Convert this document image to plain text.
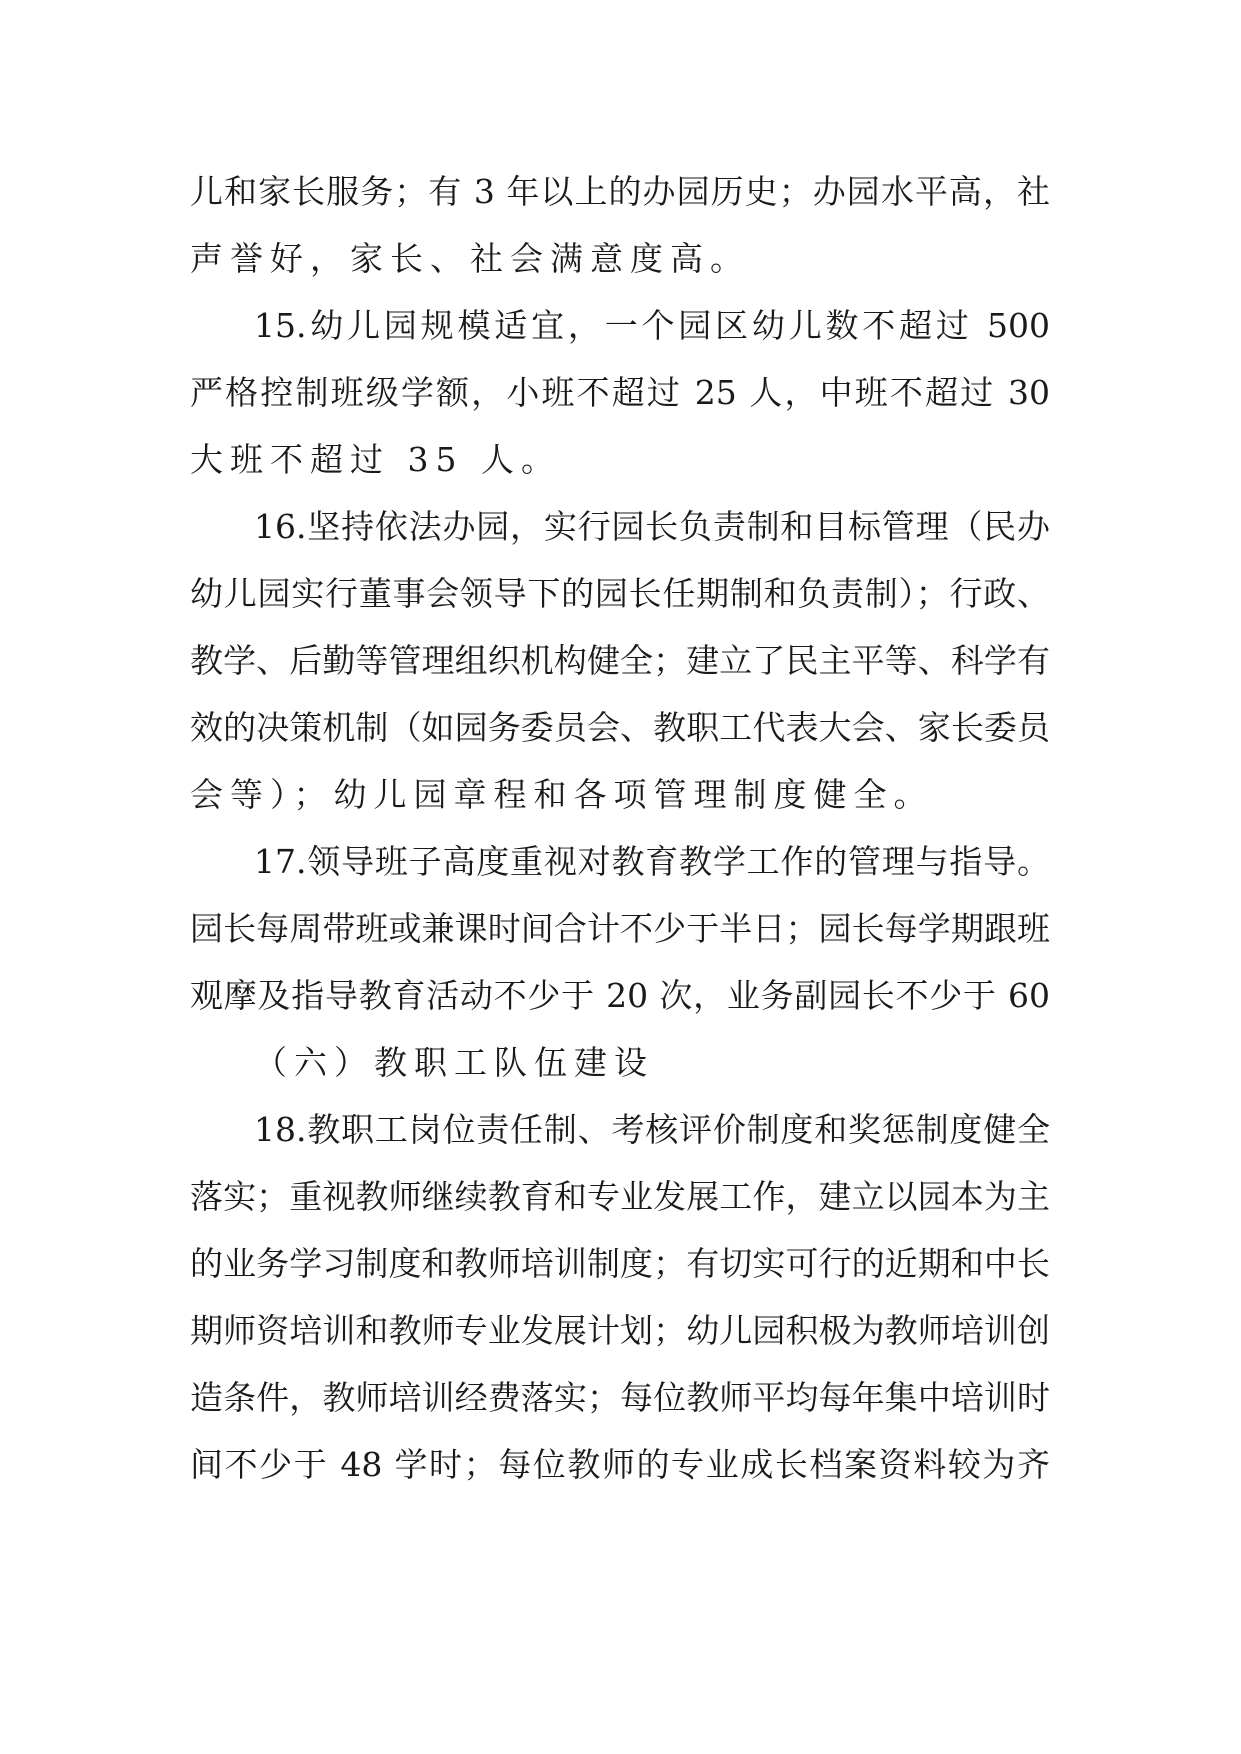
儿和家长服务；有 3 年以上的办园历史；办园水平高，社
声誉好，家长、社会满意度高。
15.幼儿园规模适宜，一个园区幼儿数不超过 500
严格控制班级学额，小班不超过 25 人，中班不超过 30
大班不超过 35 人。
16.坚持依法办园，实行园长负责制和目标管理（民办
幼儿园实行董事会领导下的园长任期制和负责制）；行政、
教学、后勤等管理组织机构健全；建立了民主平等、科学有
效的决策机制（如园务委员会、教职工代表大会、家长委员
会等）；幼儿园章程和各项管理制度健全。
17.领导班子高度重视对教育教学工作的管理与指导。
园长每周带班或兼课时间合计不少于半日；园长每学期跟班
观摩及指导教育活动不少于 20 次，业务副园长不少于 60
（六）教职工队伍建设
18.教职工岗位责任制、考核评价制度和奖惩制度健全
落实；重视教师继续教育和专业发展工作，建立以园本为主
的业务学习制度和教师培训制度；有切实可行的近期和中长
期师资培训和教师专业发展计划；幼儿园积极为教师培训创
造条件，教师培训经费落实；每位教师平均每年集中培训时
间不少于 48 学时；每位教师的专业成长档案资料较为齐
